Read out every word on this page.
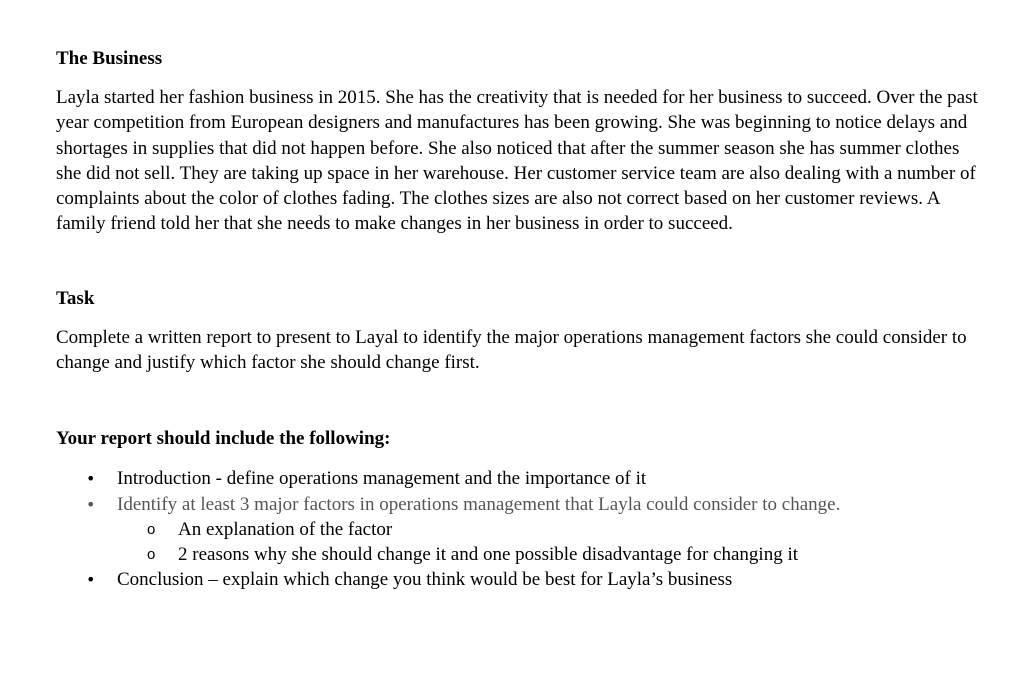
The Business

Layla started her fashion business in 2015. She has the creativity that is needed for her business to succeed. Over the past year competition from European designers and manufactures has been growing. She was beginning to notice delays and shortages in supplies that did not happen before. She also noticed that after the summer season she has summer clothes she did not sell. They are taking up space in her warehouse. Her customer service team are also dealing with a number of complaints about the color of clothes fading. The clothes sizes are also not correct based on her customer reviews. A family friend told her that she needs to make changes in her business in order to succeed.

Task

Complete a written report to present to Layal to identify the major operations management factors she could consider to change and justify which factor she should change first.

Your report should include the following:
• Introduction - define operations management and the importance of it
• Identify at least 3 major factors in operations management that Layla could consider to change.
o An explanation of the factor
o 2 reasons why she should change it and one possible disadvantage for changing it
• Conclusion – explain which change you think would be best for Layla’s business
